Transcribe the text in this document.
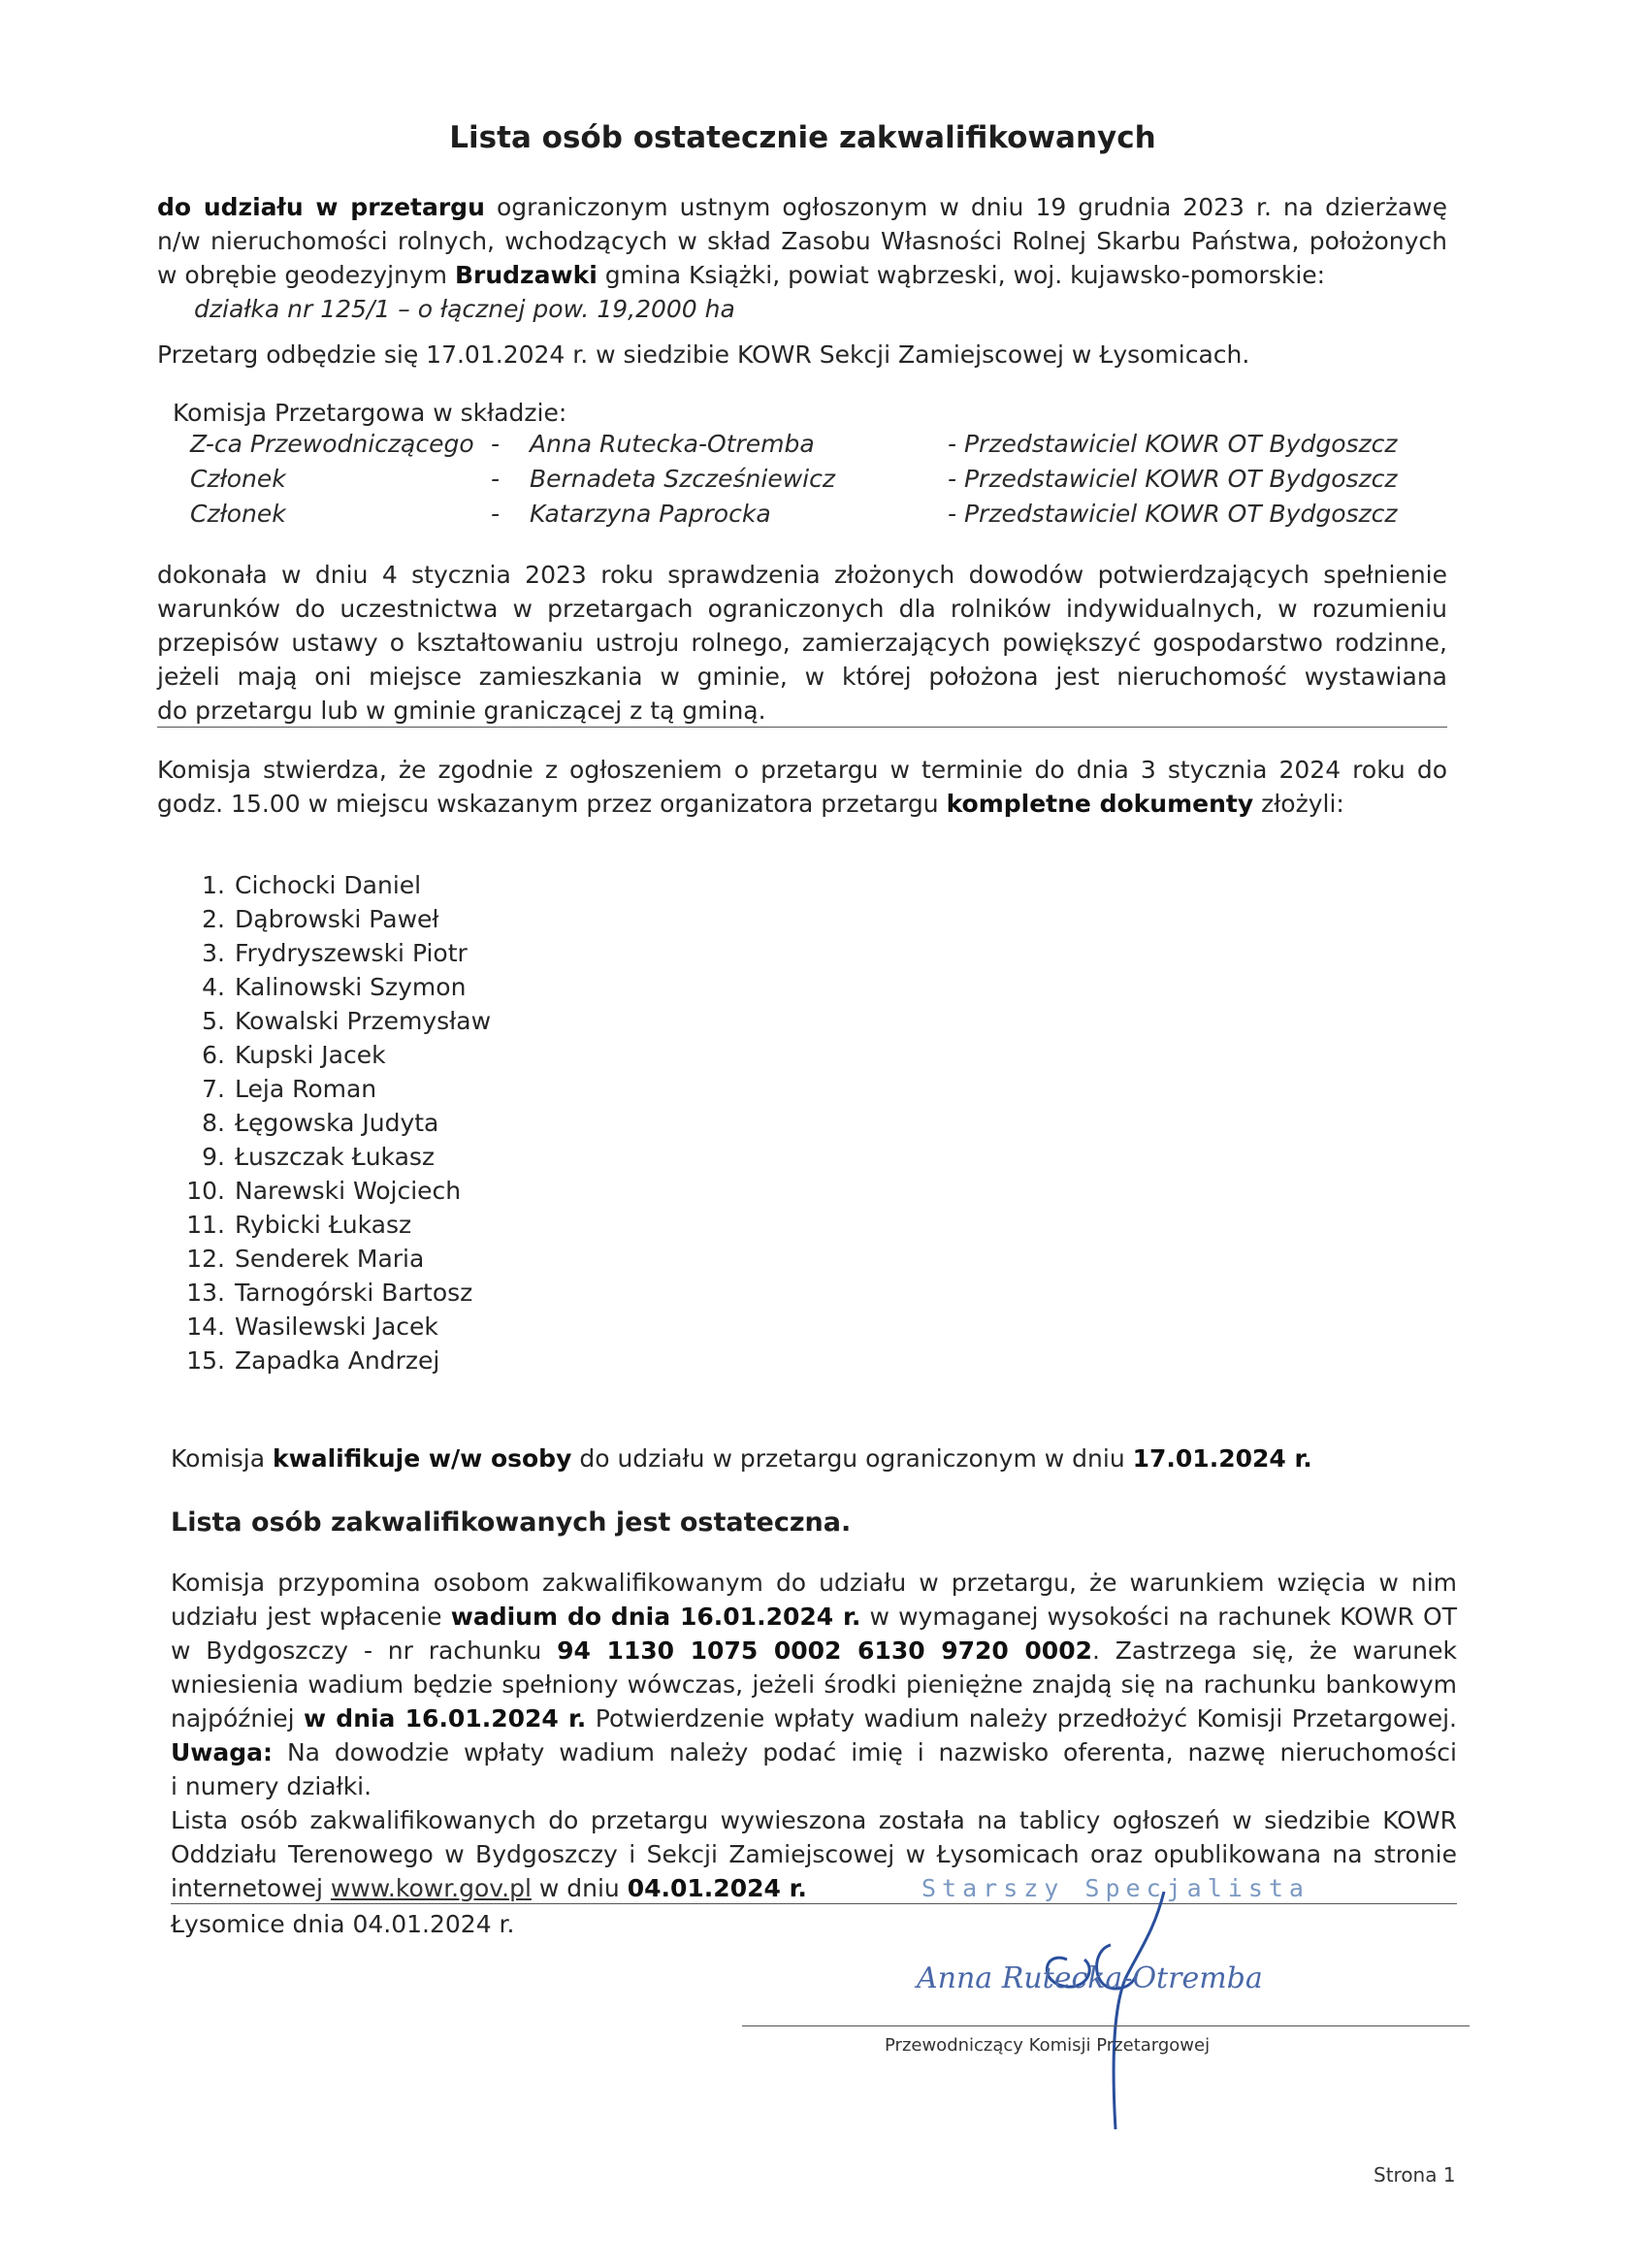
Lista osób ostatecznie zakwalifikowanych
do udziału w przetargu ograniczonym ustnym ogłoszonym w dniu 19 grudnia 2023 r. na dzierżawę
n/w nieruchomości rolnych, wchodzących w skład Zasobu Własności Rolnej Skarbu Państwa, położonych
w obrębie geodezyjnym Brudzawki gmina Książki, powiat wąbrzeski, woj. kujawsko-pomorskie:
działka nr 125/1 – o łącznej pow. 19,2000 ha
Przetarg odbędzie się 17.01.2024 r. w siedzibie KOWR Sekcji Zamiejscowej w Łysomicach.
Komisja Przetargowa w składzie:
Z-ca Przewodniczącego - Anna Rutecka-Otremba	- Przedstawiciel KOWR OT Bydgoszcz
Członek	- Bernadeta Szcześniewicz	- Przedstawiciel KOWR OT Bydgoszcz
Członek	- Katarzyna Paprocka	- Przedstawiciel KOWR OT Bydgoszcz
dokonała w dniu 4 stycznia 2023 roku sprawdzenia złożonych dowodów potwierdzających spełnienie
warunków do uczestnictwa w przetargach ograniczonych dla rolników indywidualnych, w rozumieniu
przepisów ustawy o kształtowaniu ustroju rolnego, zamierzających powiększyć gospodarstwo rodzinne,
jeżeli mają oni miejsce zamieszkania w gminie, w której położona jest nieruchomość wystawiana
do przetargu lub w gminie graniczącej z tą gminą.
Komisja stwierdza, że zgodnie z ogłoszeniem o przetargu w terminie do dnia 3 stycznia 2024 roku do
godz. 15.00 w miejscu wskazanym przez organizatora przetargu kompletne dokumenty złożyli:
1. Cichocki Daniel
2. Dąbrowski Paweł
3. Frydryszewski Piotr
4. Kalinowski Szymon
5. Kowalski Przemysław
6. Kupski Jacek
7. Leja Roman
8. Łęgowska Judyta
9. Łuszczak Łukasz
10. Narewski Wojciech
11. Rybicki Łukasz
12. Senderek Maria
13. Tarnogórski Bartosz
14. Wasilewski Jacek
15. Zapadka Andrzej
Komisja kwalifikuje w/w osoby do udziału w przetargu ograniczonym w dniu 17.01.2024 r.
Lista osób zakwalifikowanych jest ostateczna.
Komisja przypomina osobom zakwalifikowanym do udziału w przetargu, że warunkiem wzięcia w nim
udziału jest wpłacenie wadium do dnia 16.01.2024 r. w wymaganej wysokości na rachunek KOWR OT
w Bydgoszczy - nr rachunku 94 1130 1075 0002 6130 9720 0002. Zastrzega się, że warunek
wniesienia wadium będzie spełniony wówczas, jeżeli środki pieniężne znajdą się na rachunku bankowym
najpóźniej w dnia 16.01.2024 r. Potwierdzenie wpłaty wadium należy przedłożyć Komisji Przetargowej.
Uwaga: Na dowodzie wpłaty wadium należy podać imię i nazwisko oferenta, nazwę nieruchomości
i numery działki.
Lista osób zakwalifikowanych do przetargu wywieszona została na tablicy ogłoszeń w siedzibie KOWR
Oddziału Terenowego w Bydgoszczy i Sekcji Zamiejscowej w Łysomicach oraz opublikowana na stronie
internetowej www.kowr.gov.pl w dniu 04.01.2024 r.
Łysomice dnia 04.01.2024 r.
Starszy Specjalista
Anna Rutecka-Otremba
Przewodniczący Komisji Przetargowej
Strona 1
